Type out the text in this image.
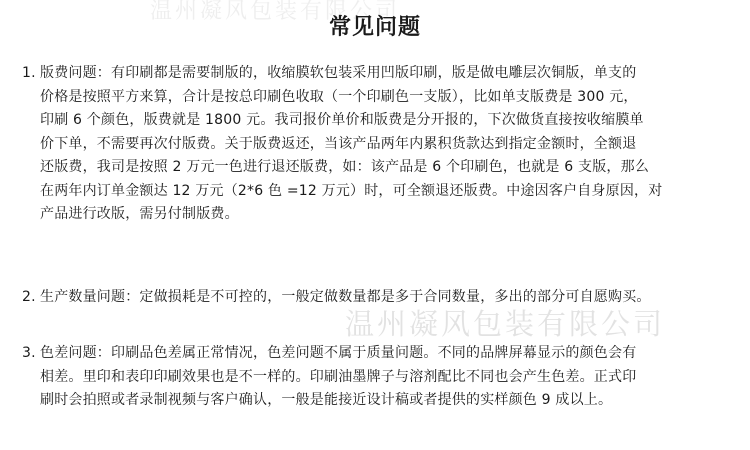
温州凝风包装有限公司
常见问题
1. 版费问题：有印刷都是需要制版的，收缩膜软包装采用凹版印刷，版是做电雕层次铜版，单支的
价格是按照平方来算，合计是按总印刷色收取（一个印刷色一支版），比如单支版费是 300 元，
印刷 6 个颜色，版费就是 1800 元。我司报价单价和版费是分开报的，下次做货直接按收缩膜单
价下单，不需要再次付版费。关于版费返还，当该产品两年内累积货款达到指定金额时，全额退
还版费，我司是按照 2 万元一色进行退还版费，如：该产品是 6 个印刷色，也就是 6 支版，那么
在两年内订单金额达 12 万元（2*6 色 =12 万元）时，可全额退还版费。中途因客户自身原因，对
产品进行改版，需另付制版费。
温州凝风包装有限公司
2. 生产数量问题：定做损耗是不可控的，一般定做数量都是多于合同数量，多出的部分可自愿购买。
3. 色差问题：印刷品色差属正常情况，色差问题不属于质量问题。不同的品牌屏幕显示的颜色会有
相差。里印和表印印刷效果也是不一样的。印刷油墨牌子与溶剂配比不同也会产生色差。正式印
刷时会拍照或者录制视频与客户确认，一般是能接近设计稿或者提供的实样颜色 9 成以上。
